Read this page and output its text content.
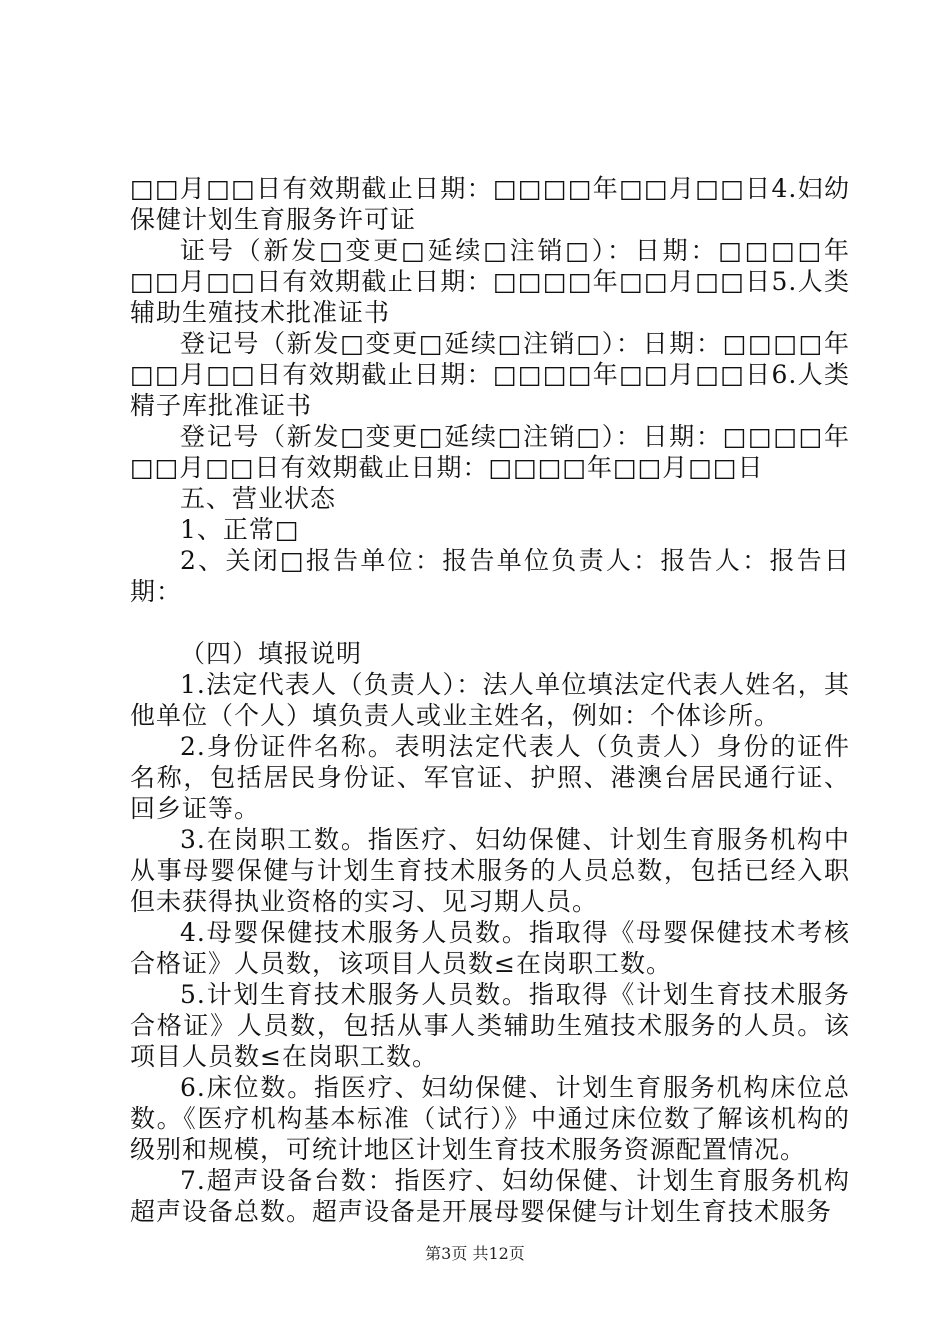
□□月□□日有效期截止日期：□□□□年□□月□□日4.妇幼保健计划生育服务许可证

证号（新发□变更□延续□注销□）：日期：□□□□年□□月□□日有效期截止日期：□□□□年□□月□□日5.人类辅助生殖技术批准证书

登记号（新发□变更□延续□注销□）：日期：□□□□年□□月□□日有效期截止日期：□□□□年□□月□□日6.人类精子库批准证书

登记号（新发□变更□延续□注销□）：日期：□□□□年□□月□□日有效期截止日期：□□□□年□□月□□日

五、营业状态

1、正常□

2、关闭□报告单位：报告单位负责人：报告人：报告日期：

（四）填报说明

1.法定代表人（负责人）：法人单位填法定代表人姓名，其他单位（个人）填负责人或业主姓名，例如：个体诊所。

2.身份证件名称。表明法定代表人（负责人）身份的证件名称，包括居民身份证、军官证、护照、港澳台居民通行证、回乡证等。

3.在岗职工数。指医疗、妇幼保健、计划生育服务机构中从事母婴保健与计划生育技术服务的人员总数，包括已经入职但未获得执业资格的实习、见习期人员。

4.母婴保健技术服务人员数。指取得《母婴保健技术考核合格证》人员数，该项目人员数≤在岗职工数。

5.计划生育技术服务人员数。指取得《计划生育技术服务合格证》人员数，包括从事人类辅助生殖技术服务的人员。该项目人员数≤在岗职工数。

6.床位数。指医疗、妇幼保健、计划生育服务机构床位总数。《医疗机构基本标准（试行）》中通过床位数了解该机构的级别和规模，可统计地区计划生育技术服务资源配置情况。

7.超声设备台数：指医疗、妇幼保健、计划生育服务机构超声设备总数。超声设备是开展母婴保健与计划生育技术服务

第3页 共12页
